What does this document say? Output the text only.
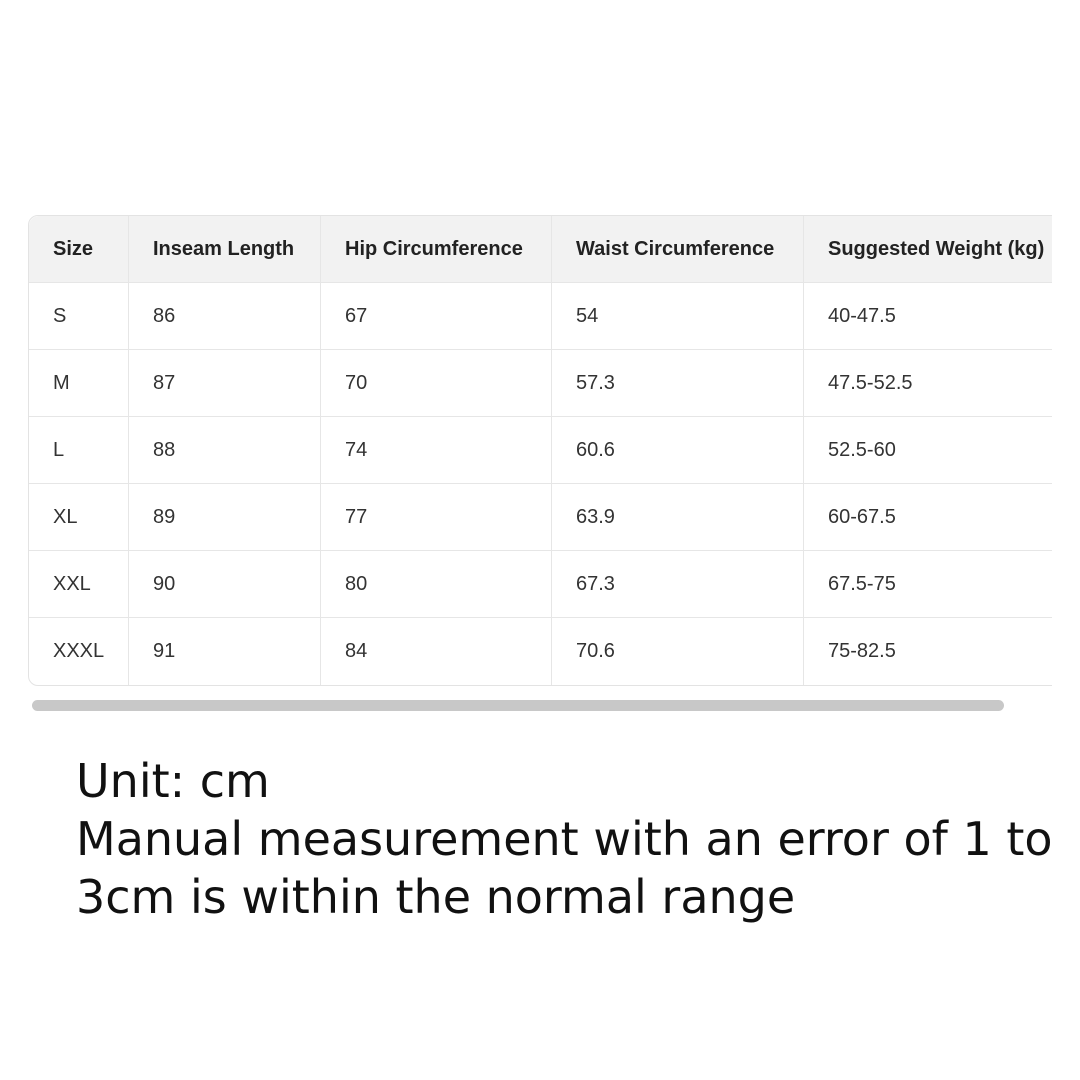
Size	Inseam Length	Hip Circumference	Waist Circumference	Suggested Weight (kg)
S	86	67	54	40-47.5
M	87	70	57.3	47.5-52.5
L	88	74	60.6	52.5-60
XL	89	77	63.9	60-67.5
XXL	90	80	67.3	67.5-75
XXXL	91	84	70.6	75-82.5
Unit: cm
Manual measurement with an error of 1 to
3cm is within the normal range
